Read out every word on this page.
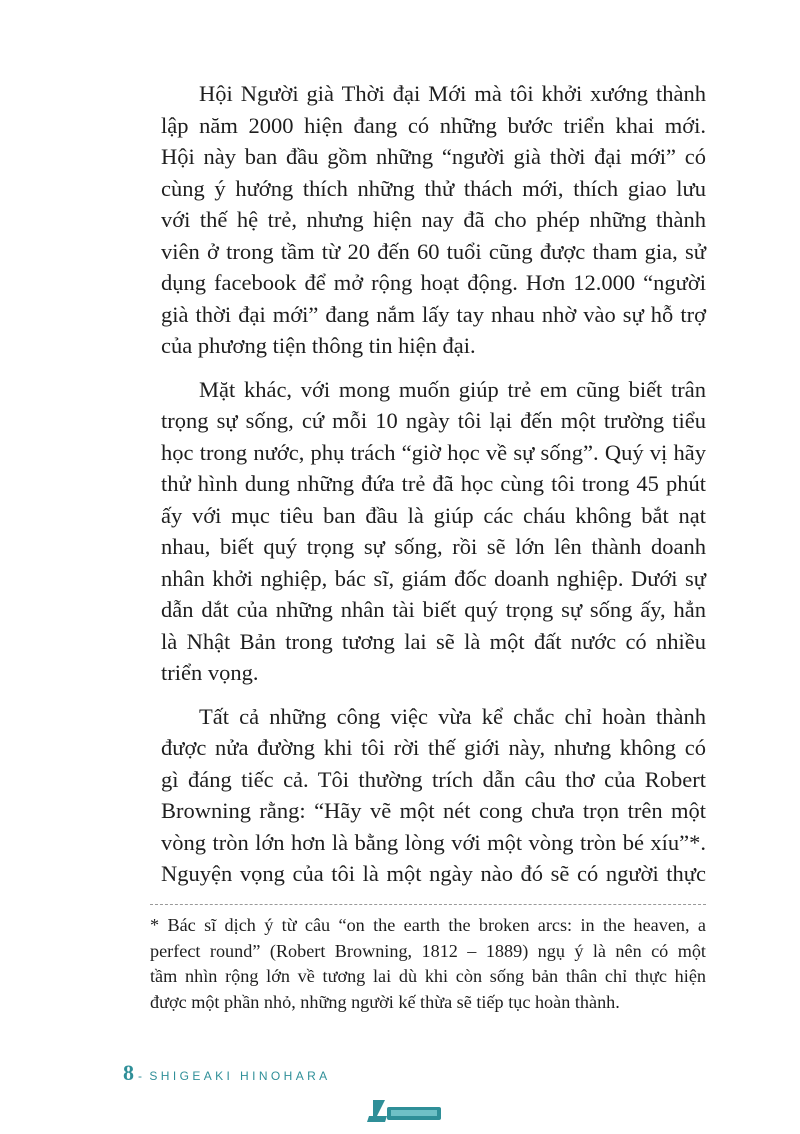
Hội Người già Thời đại Mới mà tôi khởi xướng thành
lập năm 2000 hiện đang có những bước triển khai mới.
Hội này ban đầu gồm những “người già thời đại mới” có
cùng ý hướng thích những thử thách mới, thích giao lưu
với thế hệ trẻ, nhưng hiện nay đã cho phép những thành
viên ở trong tầm từ 20 đến 60 tuổi cũng được tham gia, sử
dụng facebook để mở rộng hoạt động. Hơn 12.000 “người
già thời đại mới” đang nắm lấy tay nhau nhờ vào sự hỗ trợ
của phương tiện thông tin hiện đại.
Mặt khác, với mong muốn giúp trẻ em cũng biết trân
trọng sự sống, cứ mỗi 10 ngày tôi lại đến một trường tiểu
học trong nước, phụ trách “giờ học về sự sống”. Quý vị hãy
thử hình dung những đứa trẻ đã học cùng tôi trong 45 phút
ấy với mục tiêu ban đầu là giúp các cháu không bắt nạt
nhau, biết quý trọng sự sống, rồi sẽ lớn lên thành doanh
nhân khởi nghiệp, bác sĩ, giám đốc doanh nghiệp. Dưới sự
dẫn dắt của những nhân tài biết quý trọng sự sống ấy, hẳn
là Nhật Bản trong tương lai sẽ là một đất nước có nhiều
triển vọng.
Tất cả những công việc vừa kể chắc chỉ hoàn thành
được nửa đường khi tôi rời thế giới này, nhưng không có
gì đáng tiếc cả. Tôi thường trích dẫn câu thơ của Robert
Browning rằng: “Hãy vẽ một nét cong chưa trọn trên một
vòng tròn lớn hơn là bằng lòng với một vòng tròn bé xíu”*.
Nguyện vọng của tôi là một ngày nào đó sẽ có người thực
* Bác sĩ dịch ý từ câu “on the earth the broken arcs: in the heaven, a
perfect round” (Robert Browning, 1812 – 1889) ngụ ý là nên có một
tầm nhìn rộng lớn về tương lai dù khi còn sống bản thân chỉ thực hiện
được một phần nhỏ, những người kế thừa sẽ tiếp tục hoàn thành.
8 - SHIGEAKI HINOHARA
